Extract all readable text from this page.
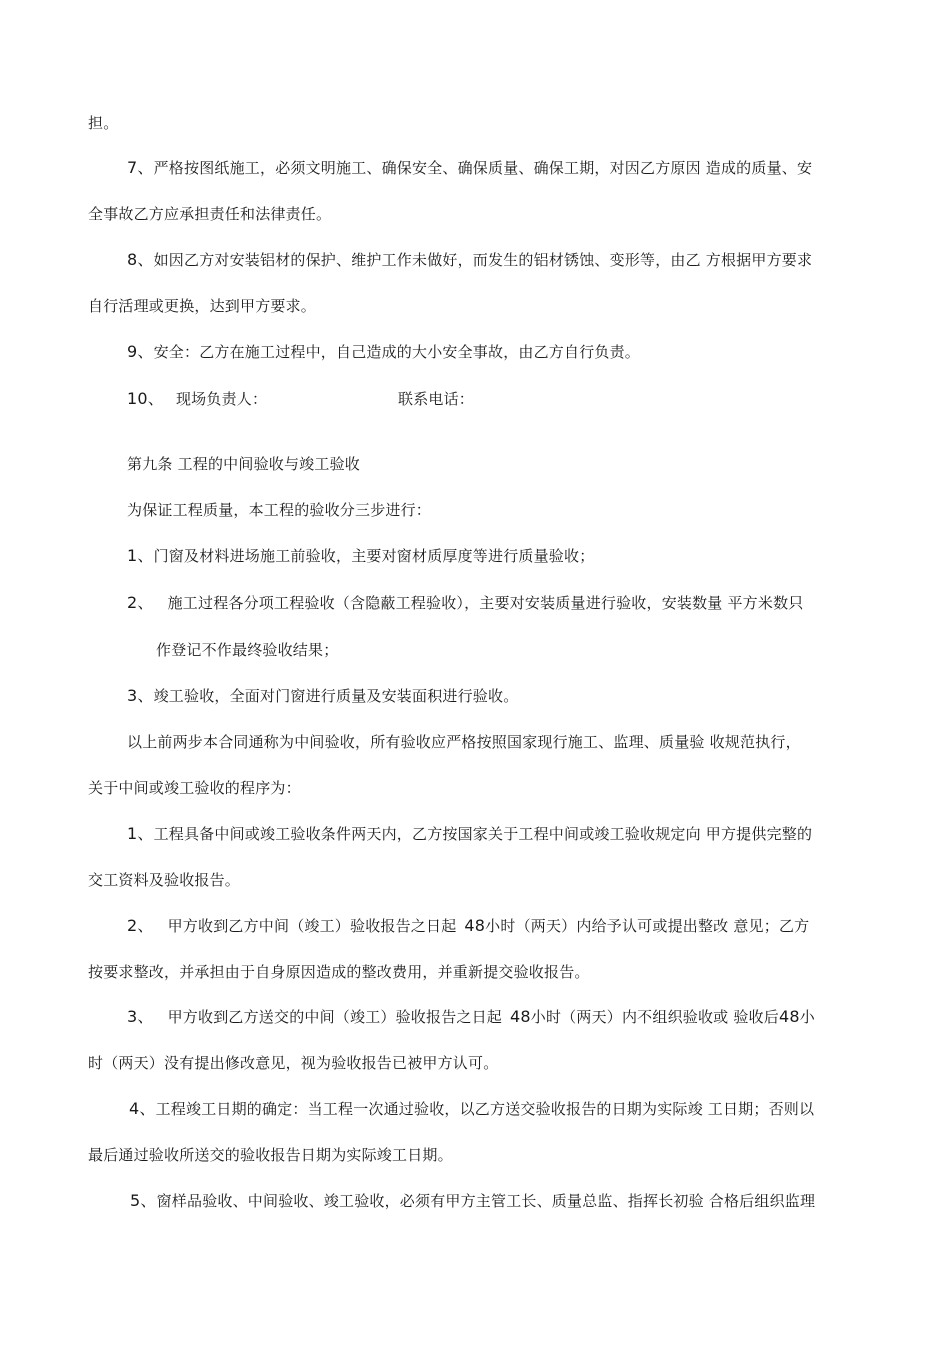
担。
7、严格按图纸施工，必须文明施工、确保安全、确保质量、确保工期，对因乙方原因 造成的质量、安
全事故乙方应承担责任和法律责任。
8、如因乙方对安装铝材的保护、维护工作未做好，而发生的铝材锈蚀、变形等，由乙 方根据甲方要求
自行活理或更换，达到甲方要求。
9、安全：乙方在施工过程中，自己造成的大小安全事故，由乙方自行负责。
10、 现场负责人：	联系电话：
第九条 工程的中间验收与竣工验收
为保证工程质量，本工程的验收分三步进行：
1、门窗及材料进场施工前验收，主要对窗材质厚度等进行质量验收；
2、 施工过程各分项工程验收（含隐蔽工程验收），主要对安装质量进行验收，安装数量 平方米数只
作登记不作最终验收结果；
3、竣工验收，全面对门窗进行质量及安装面积进行验收。
以上前两步本合同通称为中间验收，所有验收应严格按照国家现行施工、监理、质量验 收规范执行，
关于中间或竣工验收的程序为：
1、工程具备中间或竣工验收条件两天内，乙方按国家关于工程中间或竣工验收规定向 甲方提供完整的
交工资料及验收报告。
2、 甲方收到乙方中间（竣工）验收报告之日起 48小时（两天）内给予认可或提出整改 意见；乙方
按要求整改，并承担由于自身原因造成的整改费用，并重新提交验收报告。
3、 甲方收到乙方送交的中间（竣工）验收报告之日起 48小时（两天）内不组织验收或 验收后48小
时（两天）没有提出修改意见，视为验收报告已被甲方认可。
4、工程竣工日期的确定：当工程一次通过验收，以乙方送交验收报告的日期为实际竣 工日期；否则以
最后通过验收所送交的验收报告日期为实际竣工日期。
5、窗样品验收、中间验收、竣工验收，必须有甲方主管工长、质量总监、指挥长初验 合格后组织监理
